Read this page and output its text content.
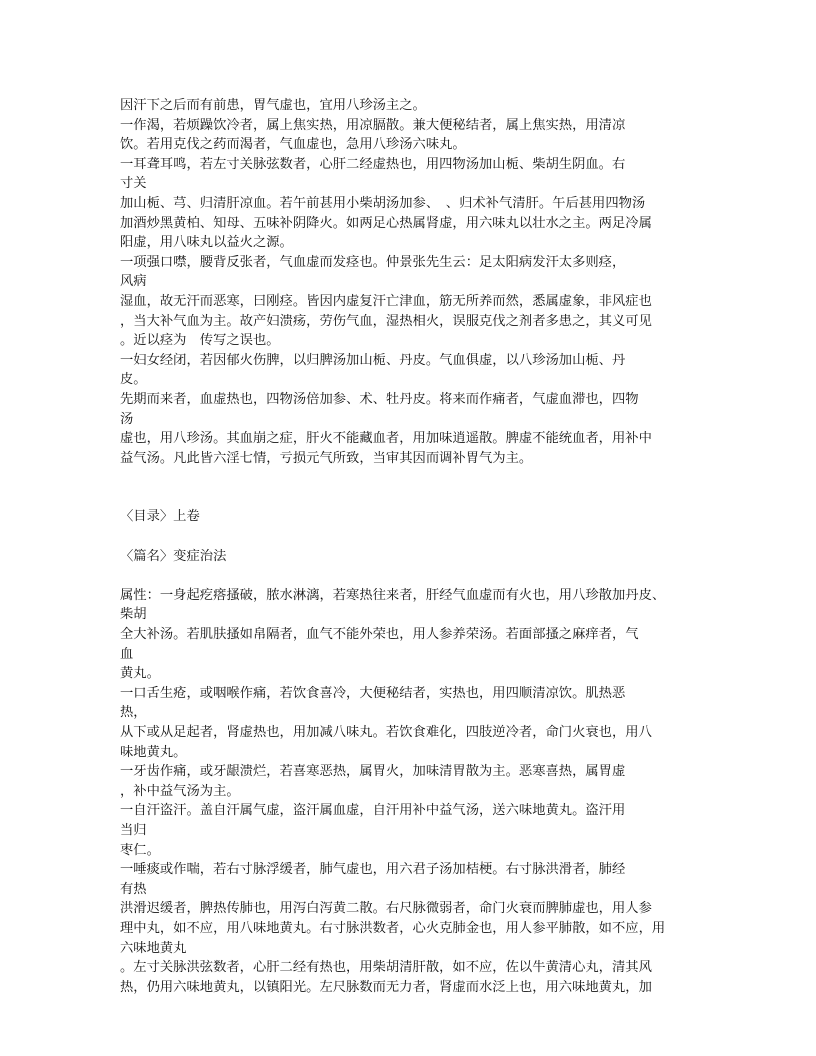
因汗下之后而有前患，胃气虚也，宜用八珍汤主之。
一作渴，若烦躁饮冷者，属上焦实热，用凉膈散。兼大便秘结者，属上焦实热，用清凉
饮。若用克伐之药而渴者，气血虚也，急用八珍汤六味丸。
一耳聋耳鸣，若左寸关脉弦数者，心肝二经虚热也，用四物汤加山栀、柴胡生阴血。右
寸关
加山栀、芎、归清肝凉血。若午前甚用小柴胡汤加参、　、归术补气清肝。午后甚用四物汤
加酒炒黑黄柏、知母、五味补阴降火。如两足心热属肾虚，用六味丸以壮水之主。两足冷属
阳虚，用八味丸以益火之源。
一项强口噤，腰背反张者，气血虚而发痉也。仲景张先生云：足太阳病发汗太多则痉，
风病
湿血，故无汗而恶寒，曰刚痉。皆因内虚复汗亡津血，筋无所养而然，悉属虚象，非风症也
，当大补气血为主。故产妇溃疡，劳伤气血，湿热相火，误服克伐之剂者多患之，其义可见
。近以痉为　传写之误也。
一妇女经闭，若因郁火伤脾，以归脾汤加山栀、丹皮。气血俱虚，以八珍汤加山栀、丹
皮。
先期而来者，血虚热也，四物汤倍加参、术、牡丹皮。将来而作痛者，气虚血滞也，四物
汤
虚也，用八珍汤。其血崩之症，肝火不能藏血者，用加味逍遥散。脾虚不能统血者，用补中
益气汤。凡此皆六淫七情，亏损元气所致，当审其因而调补胃气为主。
〈目录〉上卷
〈篇名〉变症治法
属性：一身起疙瘩搔破，脓水淋漓，若寒热往来者，肝经气血虚而有火也，用八珍散加丹皮、
柴胡
全大补汤。若肌肤搔如帛隔者，血气不能外荣也，用人参养荣汤。若面部搔之麻痒者，气
血
黄丸。
一口舌生疮，或咽喉作痛，若饮食喜冷，大便秘结者，实热也，用四顺清凉饮。肌热恶
热，
从下或从足起者，肾虚热也，用加减八味丸。若饮食难化，四肢逆冷者，命门火衰也，用八
味地黄丸。
一牙齿作痛，或牙龈溃烂，若喜寒恶热，属胃火，加味清胃散为主。恶寒喜热，属胃虚
，补中益气汤为主。
一自汗盗汗。盖自汗属气虚，盗汗属血虚，自汗用补中益气汤，送六味地黄丸。盗汗用
当归
枣仁。
一唾痰或作喘，若右寸脉浮缓者，肺气虚也，用六君子汤加桔梗。右寸脉洪滑者，肺经
有热
洪滑迟缓者，脾热传肺也，用泻白泻黄二散。右尺脉微弱者，命门火衰而脾肺虚也，用人参
理中丸，如不应，用八味地黄丸。右寸脉洪数者，心火克肺金也，用人参平肺散，如不应，用
六味地黄丸
。左寸关脉洪弦数者，心肝二经有热也，用柴胡清肝散，如不应，佐以牛黄清心丸，清其风
热，仍用六味地黄丸，以镇阳光。左尺脉数而无力者，肾虚而水泛上也，用六味地黄丸，加
